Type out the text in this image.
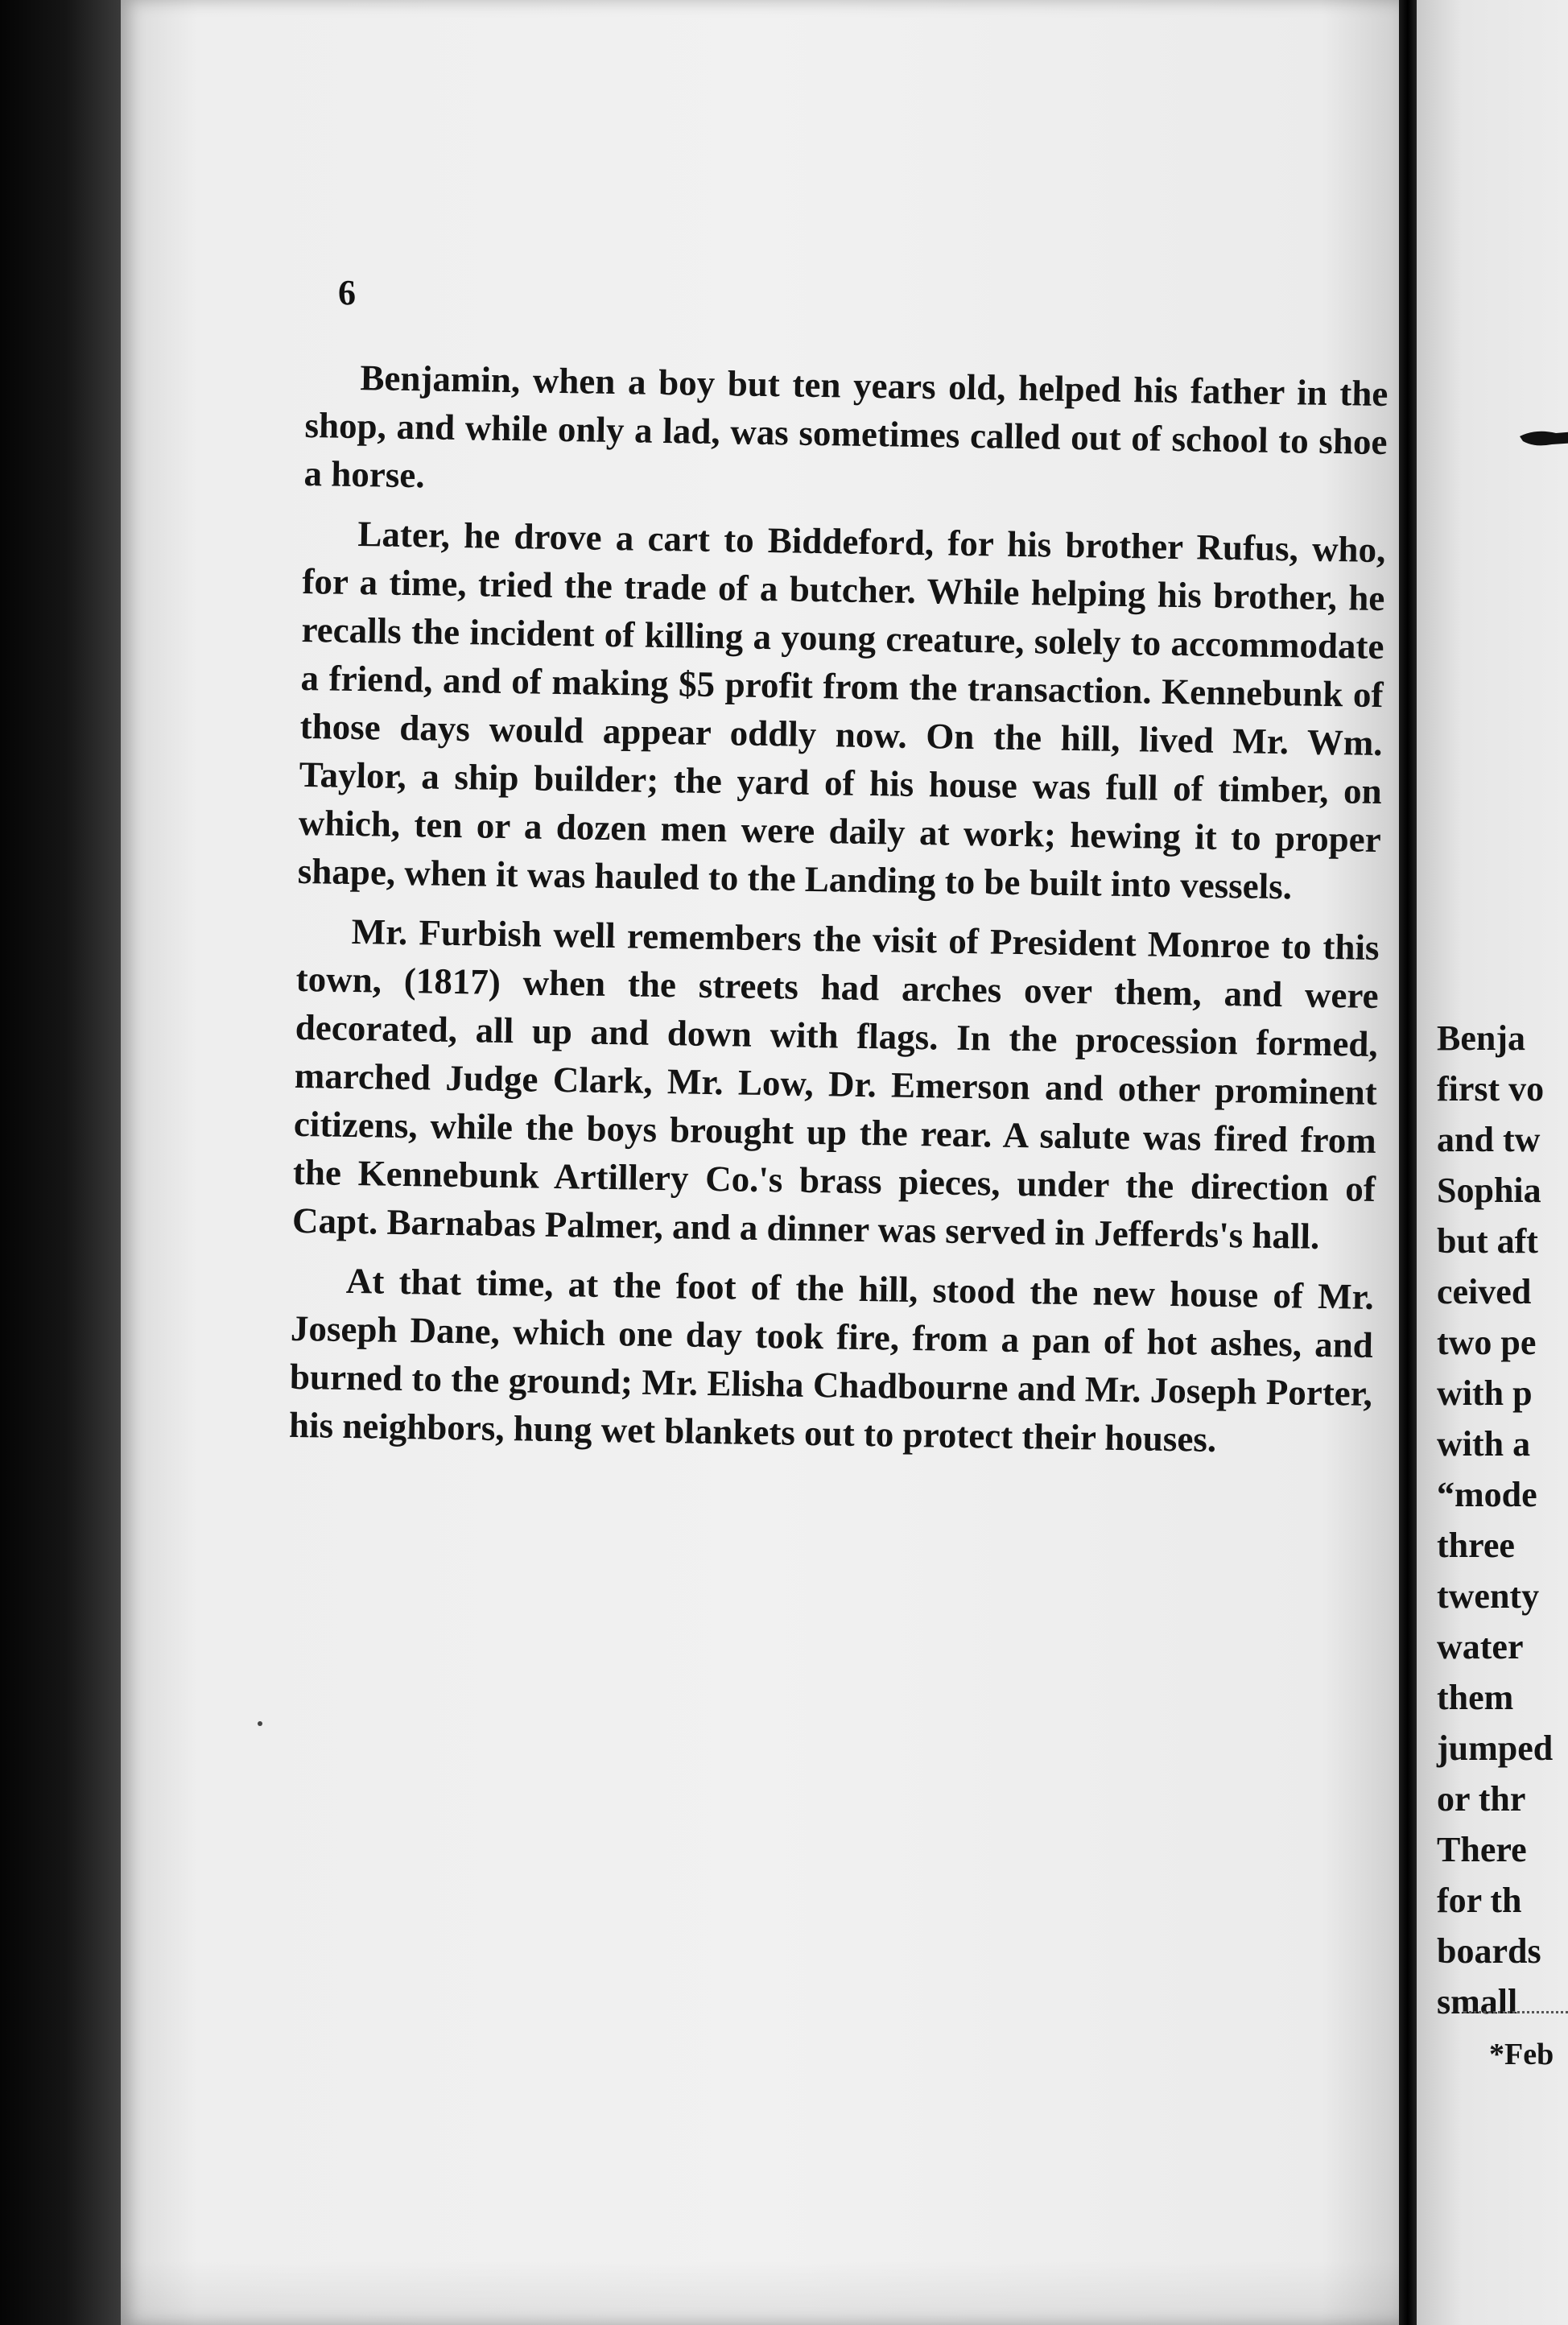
6

Benjamin, when a boy but ten years old, helped his father in the shop, and while only a lad, was sometimes called out of school to shoe a horse.

Later, he drove a cart to Biddeford, for his brother Rufus, who, for a time, tried the trade of a butcher. While helping his brother, he recalls the incident of killing a young creature, solely to accommodate a friend, and of making $5 profit from the transaction. Kennebunk of those days would appear oddly now. On the hill, lived Mr. Wm. Taylor, a ship builder; the yard of his house was full of timber, on which, ten or a dozen men were daily at work; hewing it to proper shape, when it was hauled to the Landing to be built into vessels.

Mr. Furbish well remembers the visit of President Monroe to this town, (1817) when the streets had arches over them, and were decorated, all up and down with flags. In the procession formed, marched Judge Clark, Mr. Low, Dr. Emerson and other prominent citizens, while the boys brought up the rear. A salute was fired from the Kennebunk Artillery Co.'s brass pieces, under the direction of Capt. Barnabas Palmer, and a dinner was served in Jefferds's hall.

At that time, at the foot of the hill, stood the new house of Mr. Joseph Dane, which one day took fire, from a pan of hot ashes, and burned to the ground; Mr. Elisha Chadbourne and Mr. Joseph Porter, his neighbors, hung wet blankets out to protect their houses.

Benja
first vo
and tw
Sophia
but aft
ceived
two pe
with p
with a
“mode
three
twenty
water
them
jumped
or thr
There
for th
boards
small
*Feb
